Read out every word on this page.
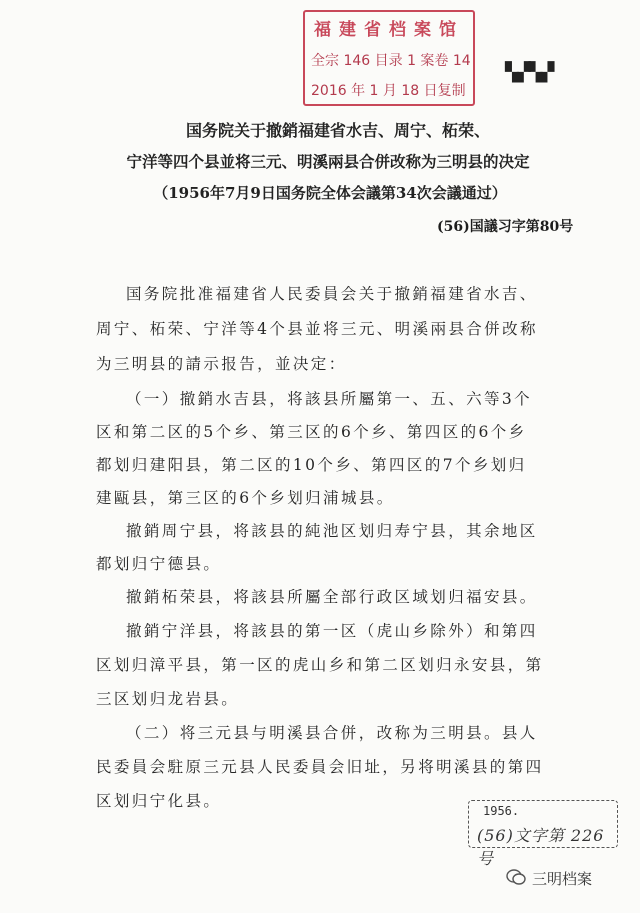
福建省档案馆
全宗 146 目录 1 案卷 14
2016 年 1 月 18 日复制
▚▞▚▞
国务院关于撤銷福建省水吉、周宁、柘荣、
宁洋等四个县並将三元、明溪兩县合併改称为三明县的决定
（1956年7月9日国务院全体会議第34次会議通过）
(56)国議习字第80号
国务院批准福建省人民委員会关于撤銷福建省水吉、
周宁、柘荣、宁洋等4个县並将三元、明溪兩县合併改称
为三明县的請示报告，並决定：
（一）撤銷水吉县，将該县所屬第一、五、六等3个
区和第二区的5个乡、第三区的6个乡、第四区的6个乡
都划归建阳县，第二区的10个乡、第四区的7个乡划归
建甌县，第三区的6个乡划归浦城县。
撤銷周宁县，将該县的純池区划归寿宁县，其余地区
都划归宁德县。
撤銷柘荣县，将該县所屬全部行政区域划归福安县。
撤銷宁洋县，将該县的第一区（虎山乡除外）和第四
区划归漳平县，第一区的虎山乡和第二区划归永安县，第
三区划归龙岩县。
（二）将三元县与明溪县合併，改称为三明县。县人
民委員会駐原三元县人民委員会旧址，另将明溪县的第四
区划归宁化县。
1956.
(56)文字第 226 号
三明档案
